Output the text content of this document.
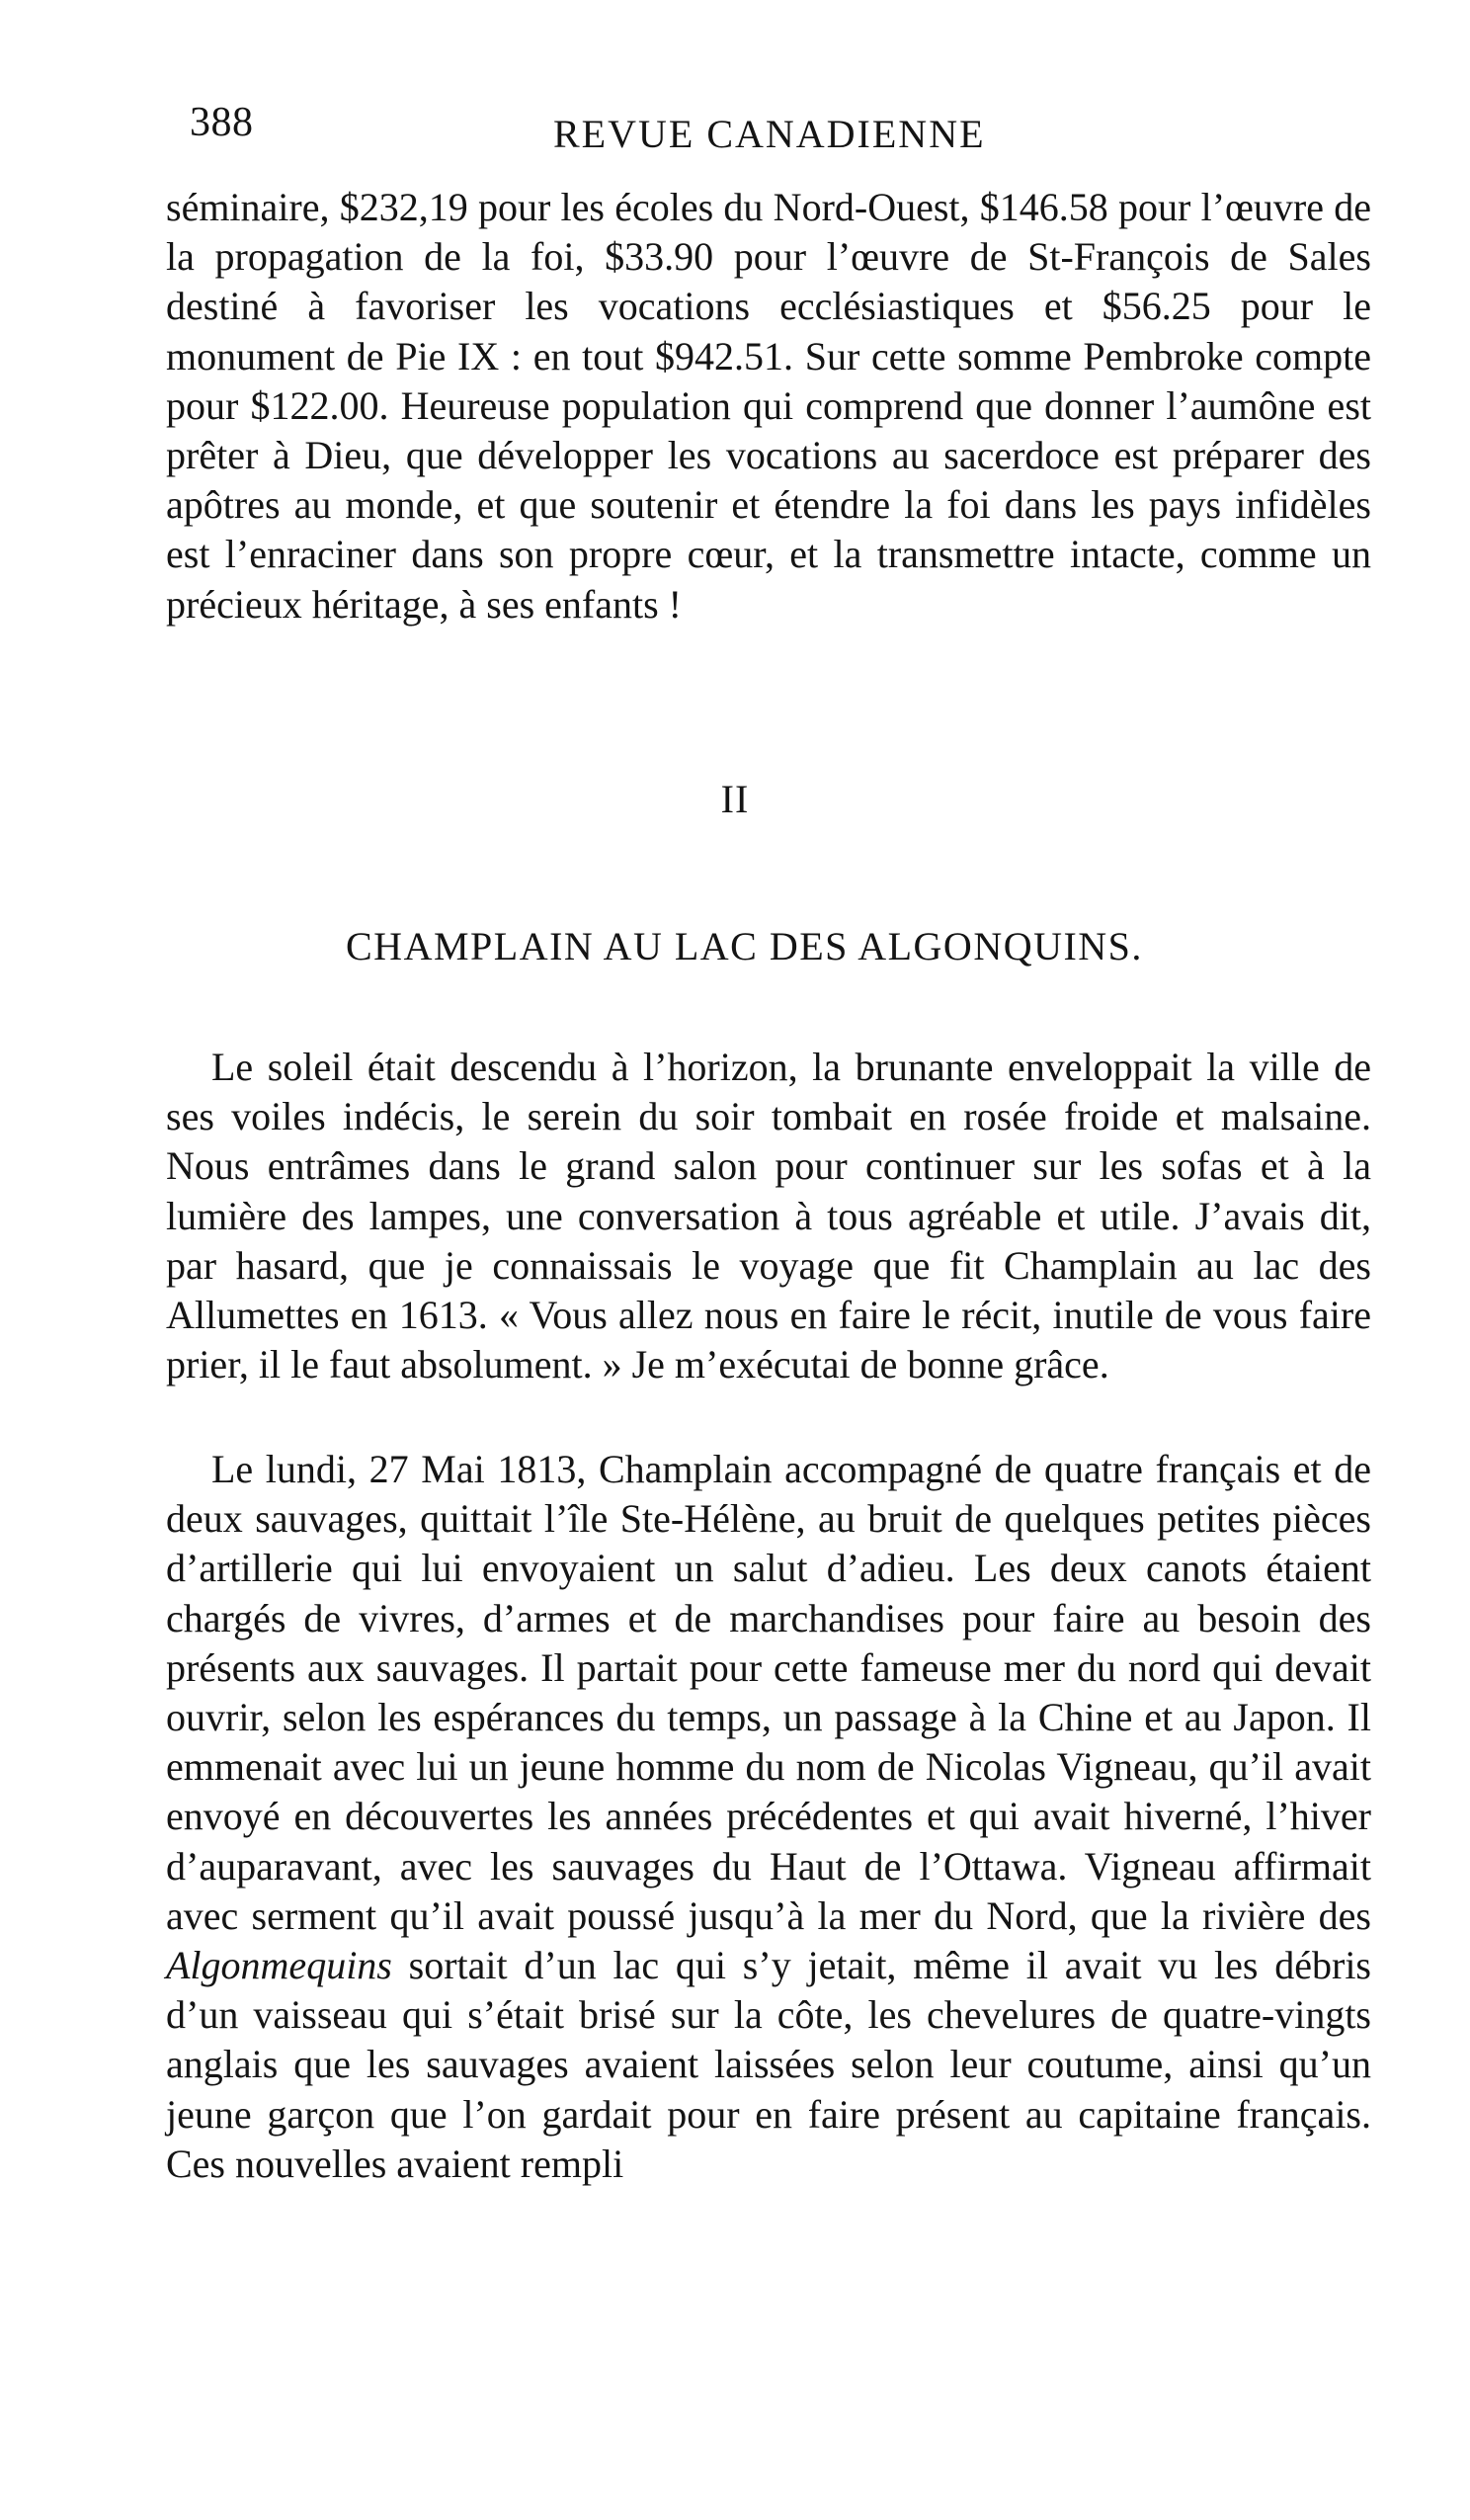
388	REVUE CANADIENNE

séminaire, $232,19 pour les écoles du Nord-Ouest, $146.58 pour l’œuvre de la propagation de la foi, $33.90 pour l’œuvre de St-François de Sales destiné à favoriser les vocations ecclésiastiques et $56.25 pour le monument de Pie IX : en tout $942.51. Sur cette somme Pembroke compte pour $122.00. Heureuse population qui comprend que donner l’aumône est prêter à Dieu, que développer les vocations au sacerdoce est préparer des apôtres au monde, et que soutenir et étendre la foi dans les pays infidèles est l’enraciner dans son propre cœur, et la transmettre intacte, comme un précieux héritage, à ses enfants !

II
CHAMPLAIN AU LAC DES ALGONQUINS.

Le soleil était descendu à l’horizon, la brunante enveloppait la ville de ses voiles indécis, le serein du soir tombait en rosée froide et malsaine. Nous entrâmes dans le grand salon pour continuer sur les sofas et à la lumière des lampes, une conversation à tous agréable et utile. J’avais dit, par hasard, que je connaissais le voyage que fit Champlain au lac des Allumettes en 1613. « Vous allez nous en faire le récit, inutile de vous faire prier, il le faut absolument. » Je m’exécutai de bonne grâce.

Le lundi, 27 Mai 1813, Champlain accompagné de quatre français et de deux sauvages, quittait l’île Ste-Hélène, au bruit de quelques petites pièces d’artillerie qui lui envoyaient un salut d’adieu. Les deux canots étaient chargés de vivres, d’armes et de marchandises pour faire au besoin des présents aux sauvages. Il partait pour cette fameuse mer du nord qui devait ouvrir, selon les espérances du temps, un passage à la Chine et au Japon. Il emmenait avec lui un jeune homme du nom de Nicolas Vigneau, qu’il avait envoyé en découvertes les années précédentes et qui avait hiverné, l’hiver d’auparavant, avec les sauvages du Haut de l’Ottawa. Vigneau affirmait avec serment qu’il avait poussé jusqu’à la mer du Nord, que la rivière des Algonmequins sortait d’un lac qui s’y jetait, même il avait vu les débris d’un vaisseau qui s’était brisé sur la côte, les chevelures de quatre-vingts anglais que les sauvages avaient laissées selon leur coutume, ainsi qu’un jeune garçon que l’on gardait pour en faire présent au capitaine français. Ces nouvelles avaient rempli
